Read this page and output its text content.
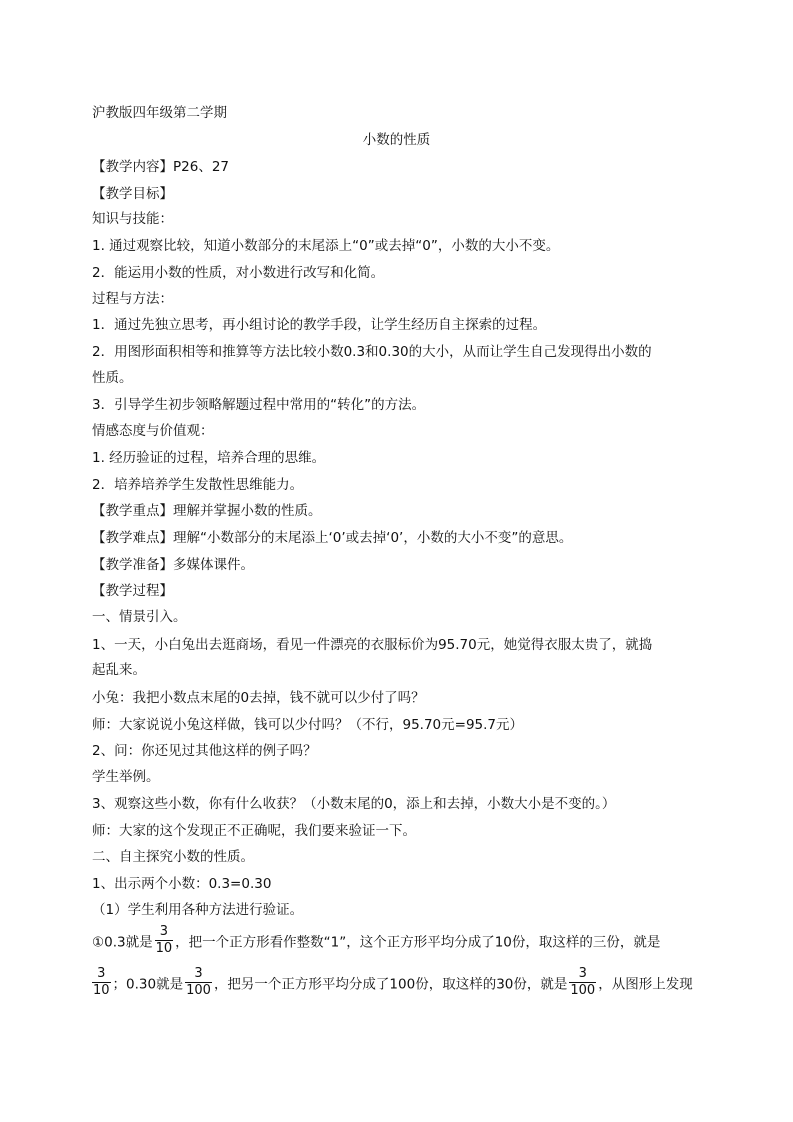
沪教版四年级第二学期
小数的性质
【教学内容】P26、27
【教学目标】
知识与技能：
1. 通过观察比较，知道小数部分的末尾添上“0”或去掉“0”，小数的大小不变。
2．能运用小数的性质，对小数进行改写和化简。
过程与方法：
1．通过先独立思考，再小组讨论的教学手段，让学生经历自主探索的过程。
2．用图形面积相等和推算等方法比较小数0.3和0.30的大小，从而让学生自己发现得出小数的
性质。
3．引导学生初步领略解题过程中常用的“转化”的方法。
情感态度与价值观：
1. 经历验证的过程，培养合理的思维。
2．培养培养学生发散性思维能力。
【教学重点】理解并掌握小数的性质。
【教学难点】理解“小数部分的末尾添上‘0’或去掉‘0’，小数的大小不变”的意思。
【教学准备】多媒体课件。
【教学过程】
一、情景引入。
1、一天，小白兔出去逛商场，看见一件漂亮的衣服标价为95.70元，她觉得衣服太贵了，就捣
起乱来。
小兔：我把小数点末尾的0去掉，钱不就可以少付了吗？
师：大家说说小兔这样做，钱可以少付吗？（不行，95.70元=95.7元）
2、问：你还见过其他这样的例子吗？
学生举例。
3、观察这些小数，你有什么收获？（小数末尾的0，添上和去掉，小数大小是不变的。）
师：大家的这个发现正不正确呢，我们要来验证一下。
二、自主探究小数的性质。
1、出示两个小数：0.3=0.30
（1）学生利用各种方法进行验证。
①0.3就是 $\frac{3}{10}$ ，把一个正方形看作整数“1”，这个正方形平均分成了10份，取这样的三份，就是
$\frac{3}{10}$ ；0.30就是 $\frac{3}{100}$ ，把另一个正方形平均分成了100份，取这样的30份，就是 $\frac{3}{100}$ ，从图形上发现
